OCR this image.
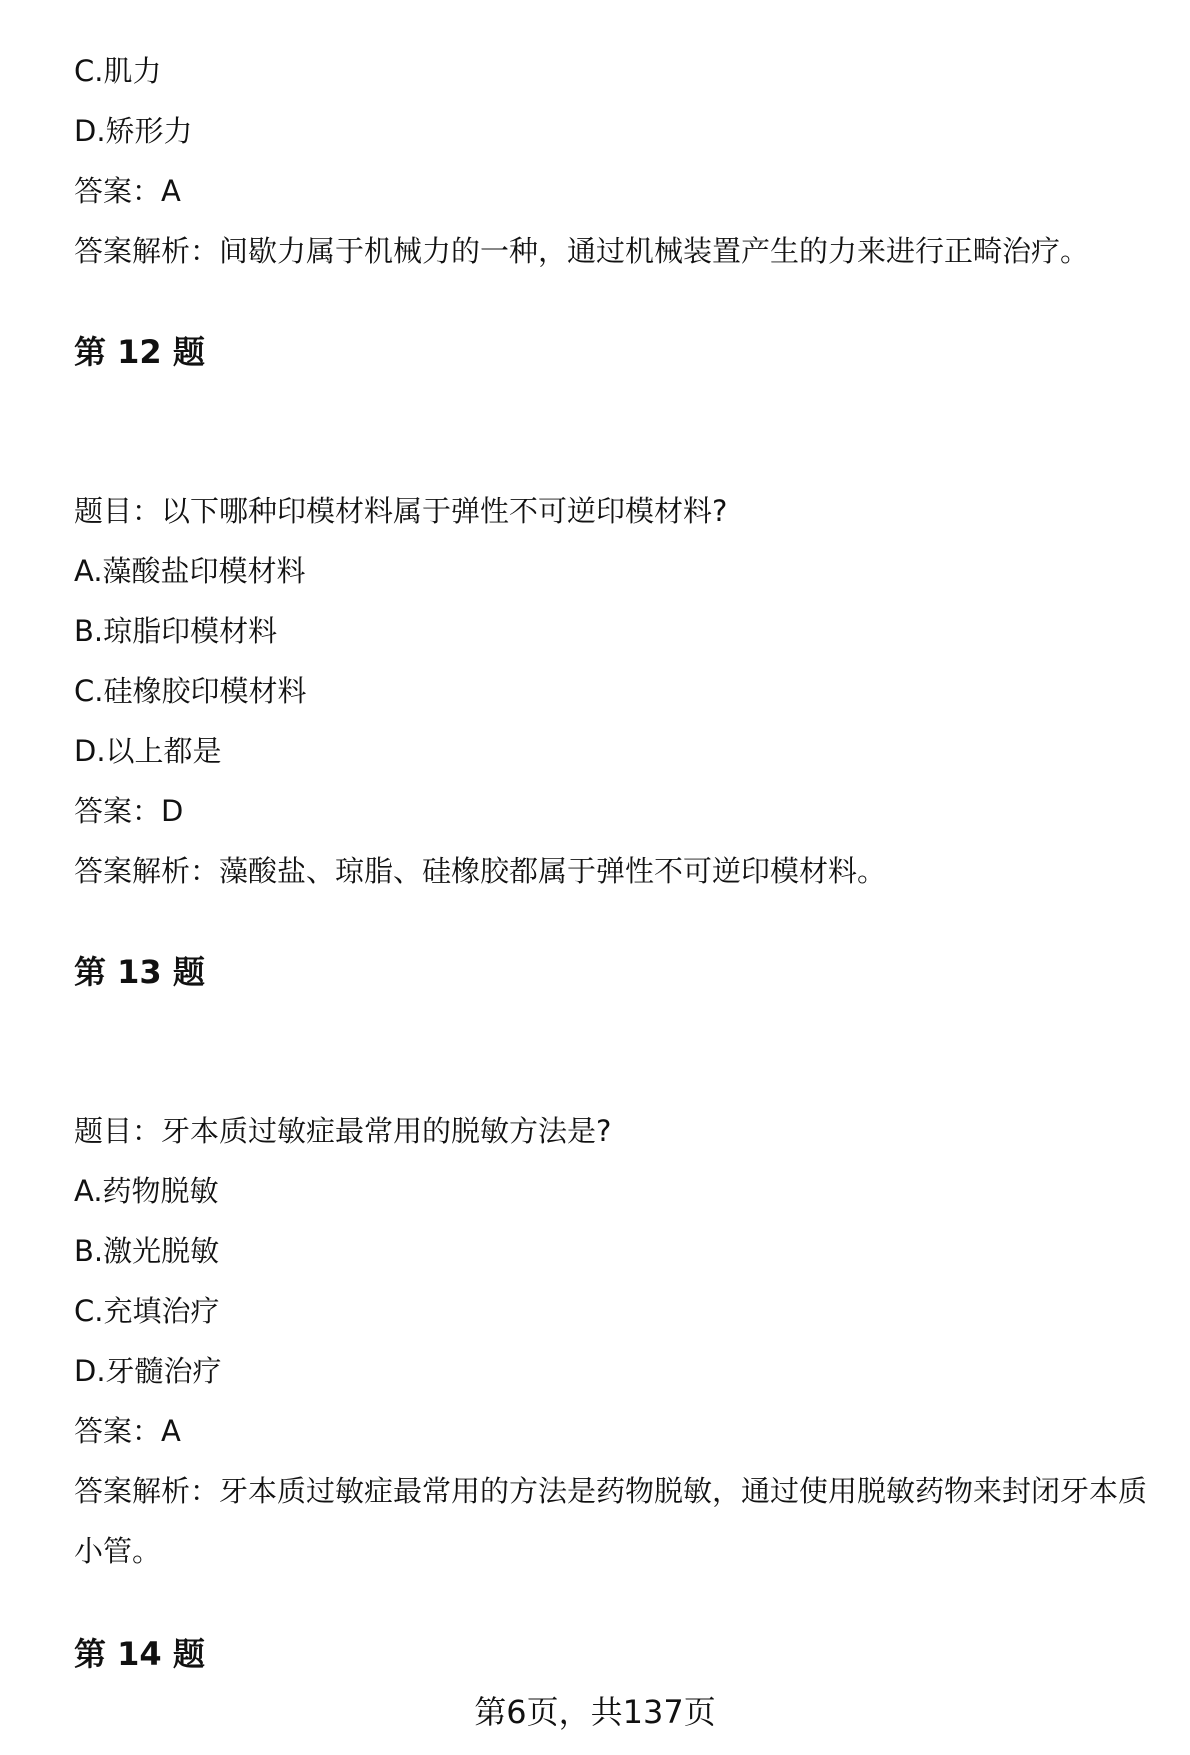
C.肌力
D.矫形力
答案：A
答案解析：间歇力属于机械力的一种，通过机械装置产生的力来进行正畸治疗。
第 12 题
题目：以下哪种印模材料属于弹性不可逆印模材料?
A.藻酸盐印模材料
B.琼脂印模材料
C.硅橡胶印模材料
D.以上都是
答案：D
答案解析：藻酸盐、琼脂、硅橡胶都属于弹性不可逆印模材料。
第 13 题
题目：牙本质过敏症最常用的脱敏方法是?
A.药物脱敏
B.激光脱敏
C.充填治疗
D.牙髓治疗
答案：A
答案解析：牙本质过敏症最常用的方法是药物脱敏，通过使用脱敏药物来封闭牙本质小管。
第 14 题
第6页，共137页
